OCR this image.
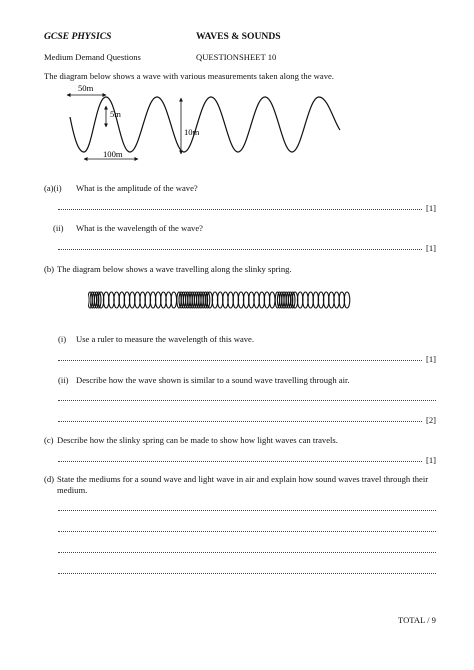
GCSE PHYSICS	WAVES & SOUNDS
Medium Demand Questions	QUESTIONSHEET 10
The diagram below shows a wave with various measurements taken along the wave.
50m
5m
10m
100m
(a)(i) What is the amplitude of the wave?
[1]
(ii) What is the wavelength of the wave?
[1]
(b) The diagram below shows a wave travelling along the slinky spring.
(i) Use a ruler to measure the wavelength of this wave.
[1]
(ii) Describe how the wave shown is similar to a sound wave travelling through air.
[2]
(c) Describe how the slinky spring can be made to show how light waves can travels.
[1]
(d) State the mediums for a sound wave and light wave in air and explain how sound waves travel through their
medium.
TOTAL / 9
